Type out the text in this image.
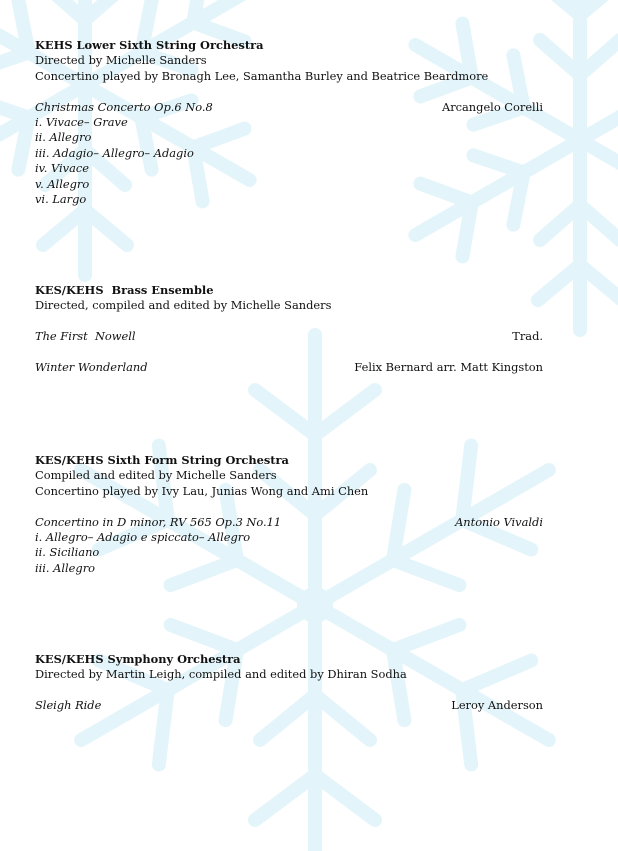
KEHS Lower Sixth String Orchestra
Directed by Michelle Sanders
Concertino played by Bronagh Lee, Samantha Burley and Beatrice Beardmore
Christmas Concerto Op.6 No.8	Arcangelo Corelli
i. Vivace– Grave
ii. Allegro
iii. Adagio– Allegro– Adagio
iv. Vivace
v. Allegro
vi. Largo
KES/KEHS  Brass Ensemble
Directed, compiled and edited by Michelle Sanders
The First  Nowell	Trad.
Winter Wonderland	Felix Bernard arr. Matt Kingston
KES/KEHS Sixth Form String Orchestra
Compiled and edited by Michelle Sanders
Concertino played by Ivy Lau, Junias Wong and Ami Chen
Concertino in D minor, RV 565 Op.3 No.11	Antonio Vivaldi
i. Allegro– Adagio e spiccato– Allegro
ii. Siciliano
iii. Allegro
KES/KEHS Symphony Orchestra
Directed by Martin Leigh, compiled and edited by Dhiran Sodha
Sleigh Ride	Leroy Anderson
